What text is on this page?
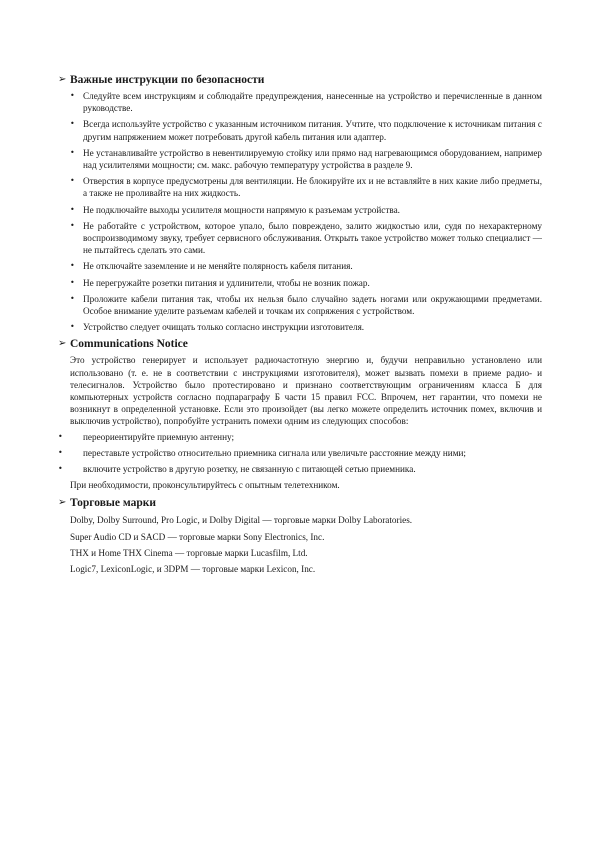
➢ Важные инструкции по безопасности
• Следуйте всем инструкциям и соблюдайте предупреждения, нанесенные на устройство и перечисленные в данном руководстве.
• Всегда используйте устройство с указанным источником питания. Учтите, что подключение к источникам питания с другим напряжением может потребовать другой кабель питания или адаптер.
• Не устанавливайте устройство в невентилируемую стойку или прямо над нагревающимся оборудованием, например над усилителями мощности; см. макс. рабочую температуру устройства в разделе 9.
• Отверстия в корпусе предусмотрены для вентиляции. Не блокируйте их и не вставляйте в них какие либо предметы, а также не проливайте на них жидкость.
• Не подключайте выходы усилителя мощности напрямую к разъемам устройства.
• Не работайте с устройством, которое упало, было повреждено, залито жидкостью или, судя по нехарактерному воспроизводимому звуку, требует сервисного обслуживания. Открыть такое устройство может только специалист — не пытайтесь сделать это сами.
• Не отключайте заземление и не меняйте полярность кабеля питания.
• Не перегружайте розетки питания и удлинители, чтобы не возник пожар.
• Проложите кабели питания так, чтобы их нельзя было случайно задеть ногами или окружающими предметами. Особое внимание уделите разъемам кабелей и точкам их сопряжения с устройством.
• Устройство следует очищать только согласно инструкции изготовителя.
➢ Communications Notice

Это устройство генерирует и использует радиочастотную энергию и, будучи неправильно установлено или использовано (т. е. не в соответствии с инструкциями изготовителя), может вызвать помехи в приеме радио- и телесигналов. Устройство было протестировано и признано соответствующим ограничениям класса Б для компьютерных устройств согласно подпараграфу Б части 15 правил FCC. Впрочем, нет гарантии, что помехи не возникнут в определенной установке. Если это произойдет (вы легко можете определить источник помех, включив и выключив устройство), попробуйте устранить помехи одним из следующих способов:

• переориентируйте приемную антенну;
• переставьте устройство относительно приемника сигнала или увеличьте расстояние между ними;
• включите устройство в другую розетку, не связанную с питающей сетью приемника.

При необходимости, проконсультируйтесь с опытным телетехником.

➢ Торговые марки

Dolby, Dolby Surround, Pro Logic, и Dolby Digital — торговые марки Dolby Laboratories.

Super Audio CD и SACD — торговые марки Sony Electronics, Inc.

THX и Home THX Cinema — торговые марки Lucasfilm, Ltd.

Logic7, LexiconLogic, и 3DPM — торговые марки Lexicon, Inc.
